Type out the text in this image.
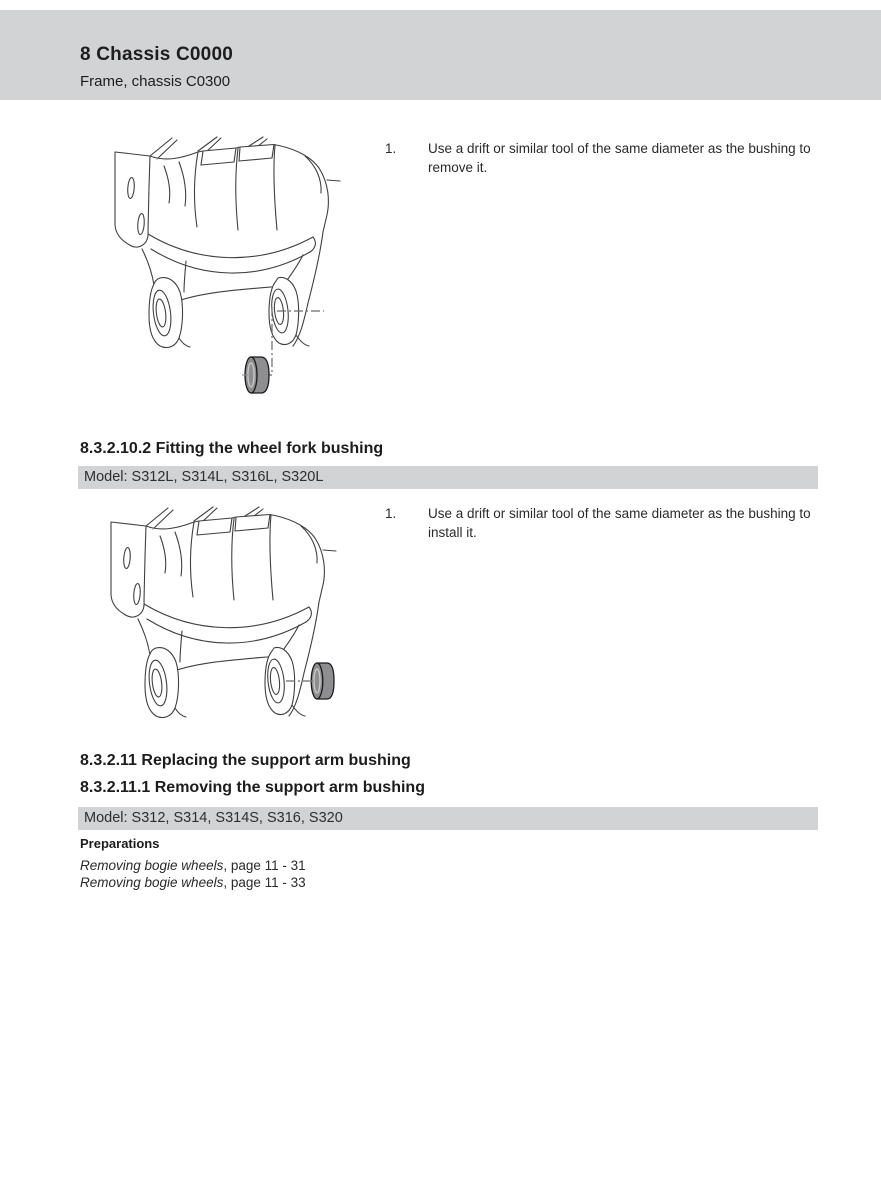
8 Chassis C0000
Frame, chassis C0300
1.	Use a drift or similar tool of the same diameter as the bushing to remove it.
8.3.2.10.2 Fitting the wheel fork bushing
Model: S312L, S314L, S316L, S320L
1.	Use a drift or similar tool of the same diameter as the bushing to install it.
8.3.2.11 Replacing the support arm bushing
8.3.2.11.1 Removing the support arm bushing
Model: S312, S314, S314S, S316, S320
Preparations
Removing bogie wheels, page 11 - 31
Removing bogie wheels, page 11 - 33
